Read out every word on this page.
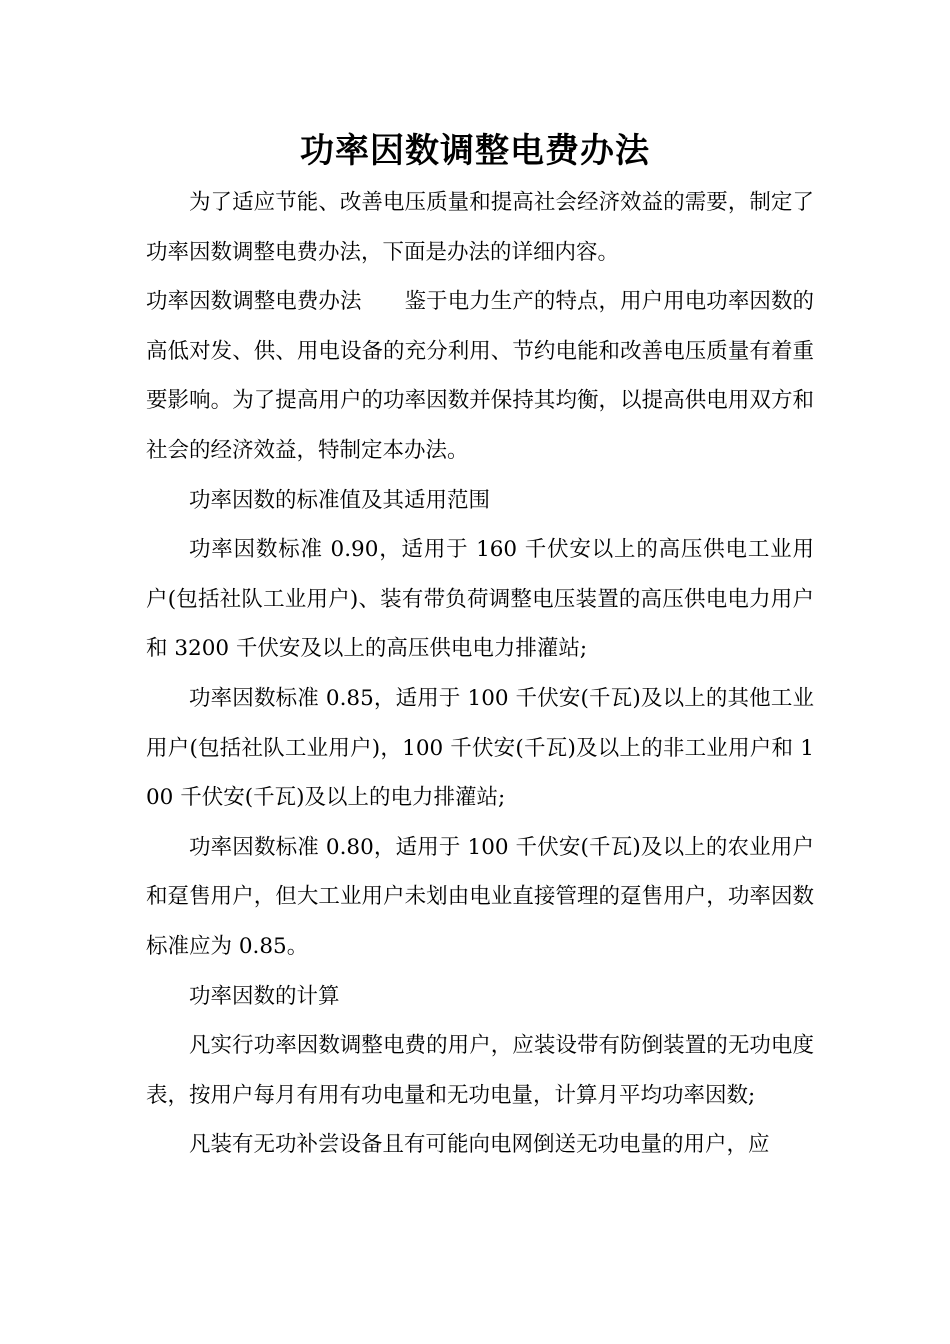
功率因数调整电费办法

为了适应节能、改善电压质量和提高社会经济效益的需要，制定了功率因数调整电费办法，下面是办法的详细内容。

功率因数调整电费办法　　鉴于电力生产的特点，用户用电功率因数的高低对发、供、用电设备的充分利用、节约电能和改善电压质量有着重要影响。为了提高用户的功率因数并保持其均衡，以提高供电用双方和社会的经济效益，特制定本办法。

功率因数的标准值及其适用范围

功率因数标准 0.90，适用于 160 千伏安以上的高压供电工业用户(包括社队工业用户)、装有带负荷调整电压装置的高压供电电力用户和 3200 千伏安及以上的高压供电电力排灌站;

功率因数标准 0.85，适用于 100 千伏安(千瓦)及以上的其他工业用户(包括社队工业用户)，100 千伏安(千瓦)及以上的非工业用户和 100 千伏安(千瓦)及以上的电力排灌站;

功率因数标准 0.80，适用于 100 千伏安(千瓦)及以上的农业用户和趸售用户，但大工业用户未划由电业直接管理的趸售用户，功率因数标准应为 0.85。

功率因数的计算

凡实行功率因数调整电费的用户，应装设带有防倒装置的无功电度表，按用户每月有用有功电量和无功电量，计算月平均功率因数;

凡装有无功补尝设备且有可能向电网倒送无功电量的用户，应
